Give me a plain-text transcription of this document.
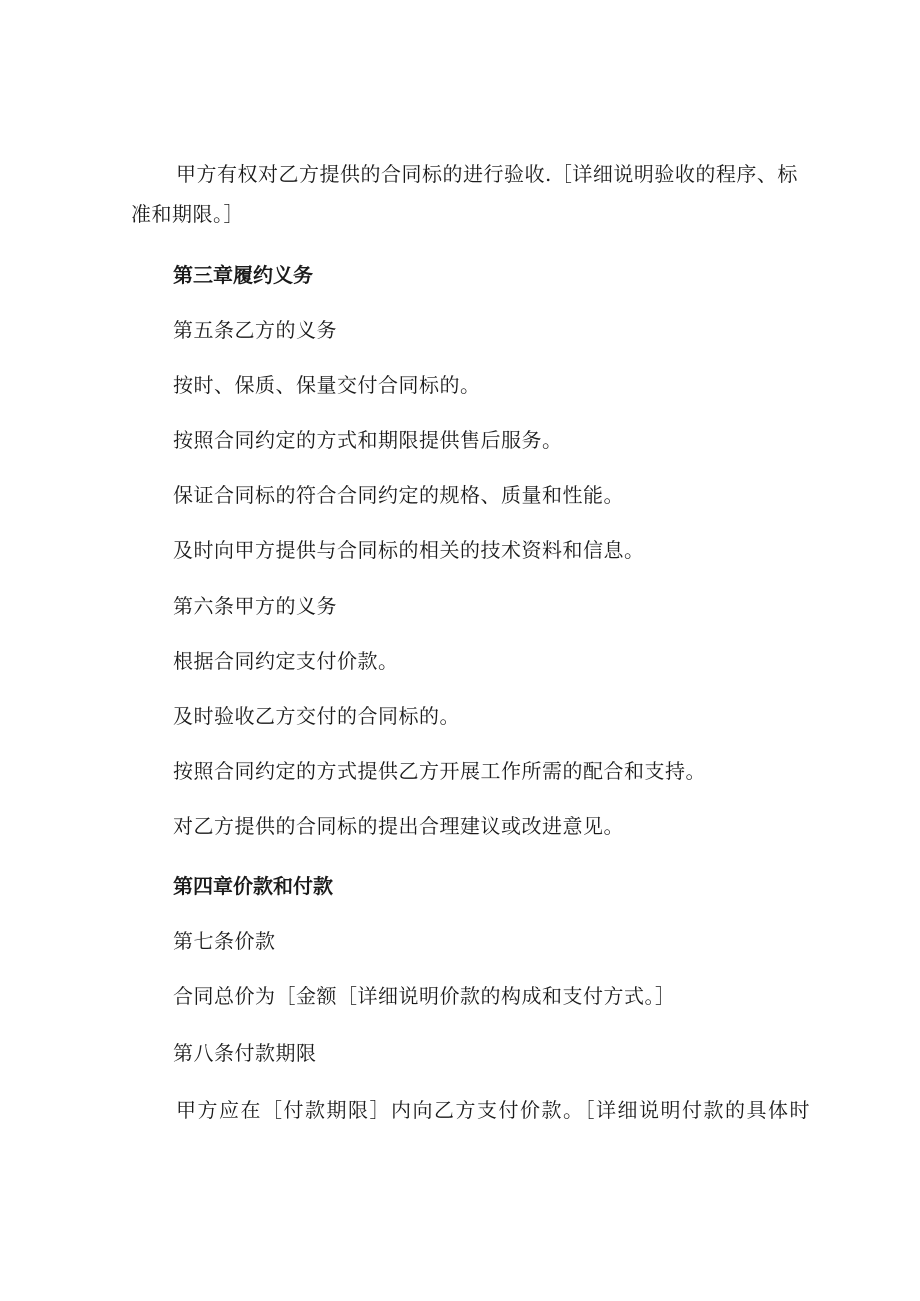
甲方有权对乙方提供的合同标的进行验收.［详细说明验收的程序、标
准和期限。］
第三章履约义务
第五条乙方的义务
按时、保质、保量交付合同标的。
按照合同约定的方式和期限提供售后服务。
保证合同标的符合合同约定的规格、质量和性能。
及时向甲方提供与合同标的相关的技术资料和信息。
第六条甲方的义务
根据合同约定支付价款。
及时验收乙方交付的合同标的。
按照合同约定的方式提供乙方开展工作所需的配合和支持。
对乙方提供的合同标的提出合理建议或改进意见。
第四章价款和付款
第七条价款
合同总价为［金额［详细说明价款的构成和支付方式。］
第八条付款期限
甲方应在［付款期限］内向乙方支付价款。［详细说明付款的具体时
